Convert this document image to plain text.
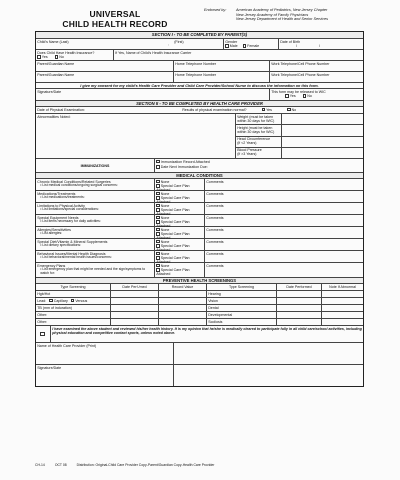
UNIVERSAL
CHILD HEALTH RECORD
Endorsed by:	American Academy of Pediatrics, New Jersey Chapter
New Jersey Academy of Family Physicians
New Jersey Department of Health and Senior Services
SECTION I - TO BE COMPLETED BY PARENT(S)
Child's Name (Last)
,
(First)	Gender
Male	Female
Date of Birth
/	/
Does Child Have Health Insurance?
Yes	No
If Yes, Name of Child's Health Insurance Carrier
Parent/Guardian Name	Home Telephone Number	Work Telephone/Cell Phone Number
Parent/Guardian Name	Home Telephone Number	Work Telephone/Cell Phone Number
I give my consent for my child's Health Care Provider and Child Care Provider/School Nurse to discuss the information on this form.
Signature/Date	This form may be released to WIC
Yes	No
SECTION II - TO BE COMPLETED BY HEALTH CARE PROVIDER
Date of Physical Examination:	Results of physical examination normal?	Yes	No
Abnormalities Noted:	Weight (must be taken
within 30 days for WIC)
Height (must be taken
within 30 days for WIC)
Head Circumference
(if <2 Years)
Blood Pressure
(if >3 Years)
IMMUNIZATIONS
Immunization Record Attached
Date Next Immunization Due:
MEDICAL CONDITIONS
Chronic Medical Conditions/Related Surgeries
• List medical conditions/ongoing surgical concerns:
None
Special Care Plan Attached
Comments
Medications/Treatments
• List medications/treatments:
None
Special Care Plan Attached
Comments
Limitations to Physical Activity
• List limitations/special considerations:
None
Special Care Plan Attached
Comments
Special Equipment Needs
• List items necessary for daily activities:
None
Special Care Plan Attached
Comments
Allergies/Sensitivities
• List allergies:
None
Special Care Plan Attached
Comments
Special Diet/Vitamin & Mineral Supplements
• List dietary specifications:
None
Special Care Plan Attached
Comments
Behavioral Issues/Mental Health Diagnosis
• List behavioral/mental health issues/concerns:
None
Special Care Plan Attached
Comments
Emergency Plans
• List emergency plan that might be needed and the sign/symptoms to watch for:
None
Special Care Plan Attached
Comments
PREVENTIVE HEALTH SCREENINGS
Type Screening	Date Perf./med	Record Value	Type Screening	Date Performed	Note If Abnormal
Hgb/Hct	Hearing
Lead: Capillary Venous	Vision
TB (mm of induration)	Dental
Other:	Developmental
Other:	Scoliosis
I have examined the above student and reviewed his/her health history. It is my opinion that he/she is medically cleared to participate fully in all child care/school activities, including physical education and competitive contact sports, unless noted above.
Name of Health Care Provider (Print)
Signature/Date
CH-14	OCT 08	Distribution: Original-Child Care Provider Copy-Parent/Guardian Copy-Health Care Provider
